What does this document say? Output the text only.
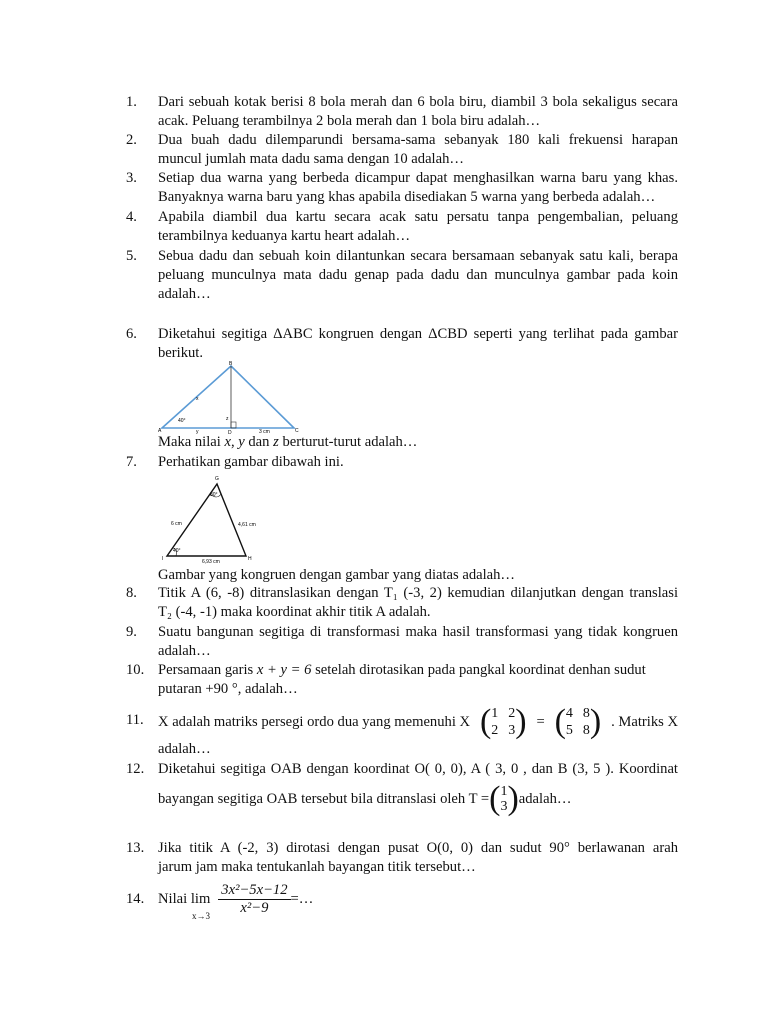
1. Dari sebuah kotak berisi 8 bola merah dan 6 bola biru, diambil 3 bola sekaligus secara
acak. Peluang terambilnya 2 bola merah dan 1 bola biru adalah…
2. Dua buah dadu dilemparundi bersama-sama sebanyak 180 kali frekuensi harapan
muncul jumlah mata dadu sama dengan 10 adalah…
3. Setiap dua warna yang berbeda dicampur dapat menghasilkan warna baru yang khas.
Banyaknya warna baru yang khas apabila disediakan 5 warna yang berbeda adalah…
4. Apabila diambil dua kartu secara acak satu persatu tanpa pengembalian, peluang
terambilnya keduanya kartu heart adalah…
5. Sebua dadu dan sebuah koin dilantunkan secara bersamaan sebanyak satu kali, berapa
peluang munculnya mata dadu genap pada dadu dan munculnya gambar pada koin
adalah…
6. Diketahui segitiga ΔABC kongruen dengan ΔCBD seperti yang terlihat pada gambar
berikut.
Maka nilai x, y dan z berturut-turut adalah…
B
A	D	C
40°
x
y
z
3 cm
7. Perhatikan gambar dibawah ini.
G
I	H
80°
40°
6 cm	4,61 cm
6,93 cm
Gambar yang kongruen dengan gambar yang diatas adalah…
8. Titik A (6, -8) ditranslasikan dengan T₁ (-3, 2) kemudian dilanjutkan dengan translasi
T₂ (-4, -1) maka koordinat akhir titik A adalah.
9. Suatu bangunan segitiga di transformasi maka hasil transformasi yang tidak kongruen
adalah…
10. Persamaan garis x + y = 6 setelah dirotasikan pada pangkal koordinat denhan sudut
putaran +90 °, adalah…
11. X adalah matriks persegi ordo dua yang memenuhi X ( 1 2
2 3 ) = ( 4 8
5 8 ) . Matriks X
adalah…
12. Diketahui segitiga OAB dengan koordinat O( 0, 0), A ( 3, 0 , dan B (3, 5 ). Koordinat
bayangan segitiga OAB tersebut bila ditranslasi oleh T = ( 1
3 ) adalah…
13. Jika titik A (-2, 3) dirotasi dengan pusat O(0, 0) dan sudut 90° berlawanan arah
jarum jam maka tentukanlah bayangan titik tersebut…
14. Nilai lim
$x\to 3 \frac{\text{3x²−5x−12}}{\text{x²−9}}$ =…
